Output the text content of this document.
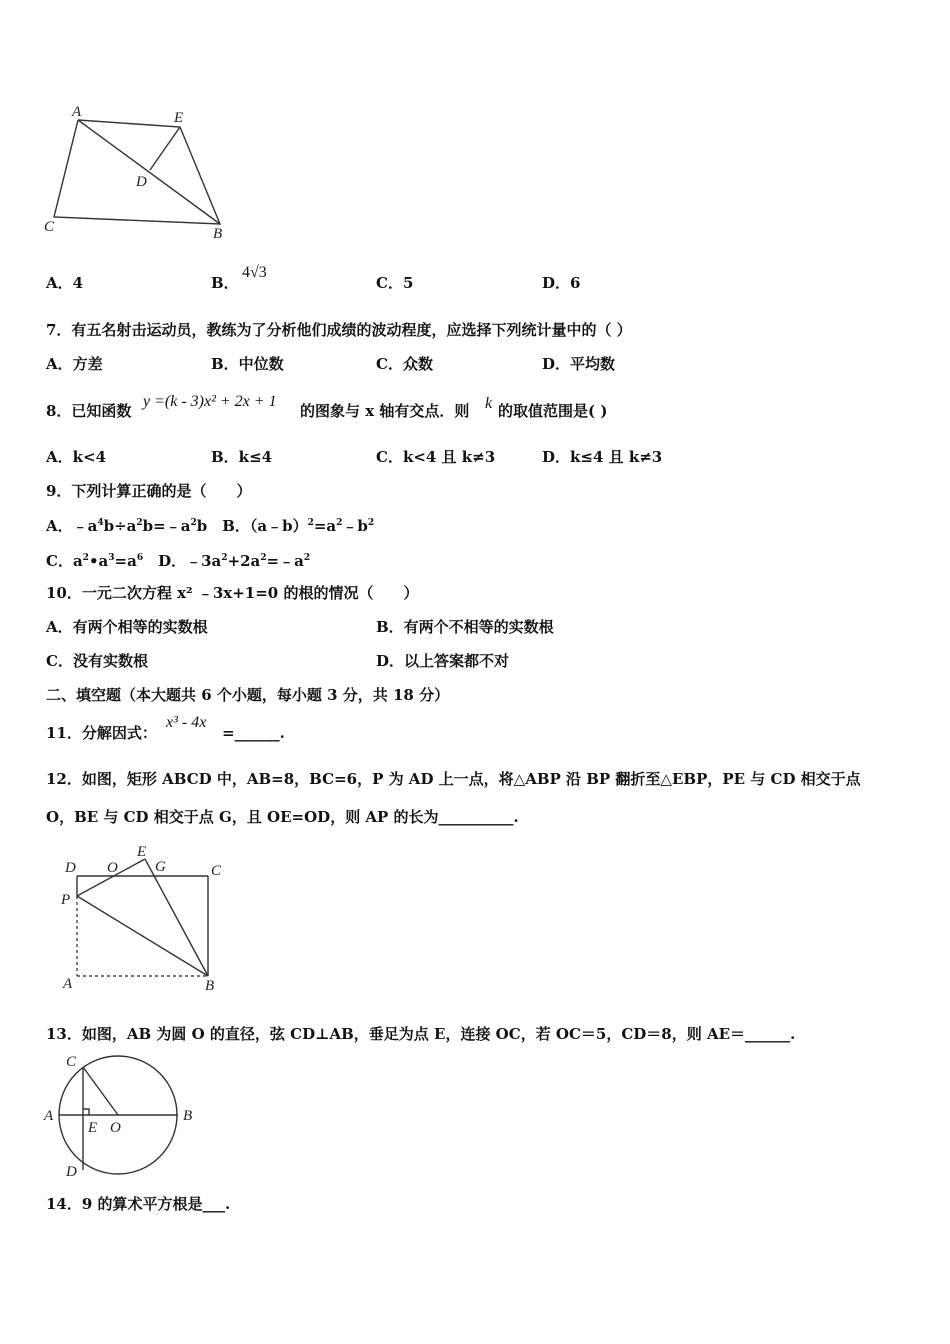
A	E
D
C	B
A．4	B．
4√3
C．5	D．6
7．有五名射击运动员，教练为了分析他们成绩的波动程度，应选择下列统计量中的（ ）
A．方差	B．中位数	C．众数	D．平均数
8．已知函数
y =(k - 3)x² + 2x + 1
的图象与 x 轴有交点．则 k 的取值范围是( )
A．k<4	B．k≤4	C．k<4 且 k≠3	D．k≤4 且 k≠3
9．下列计算正确的是（　　）
A．$﹣a^4b\div a^2b=﹣a^2b$　B．$(a﹣b)^2=a^2﹣b^2$
C．$a^2•a^3=a^6$　D．$﹣3a^2+2a^2=﹣a^2$
10．一元二次方程 x² ﹣3x+1=0 的根的情况（　　）
A．有两个相等的实数根	B．有两个不相等的实数根
C．没有实数根	D．以上答案都不对
二、填空题（本大题共 6 个小题，每小题 3 分，共 18 分）
11．分解因式：
x³ - 4x
=______.
12．如图，矩形 ABCD 中，AB=8，BC=6，P 为 AD 上一点，将△ABP 沿 BP 翻折至△EBP，PE 与 CD 相交于点
O，BE 与 CD 相交于点 G，且 OE=OD，则 AP 的长为__________.
D O
E
G	C
P
A	B
13．如图，AB 为圆 O 的直径，弦 CD⊥AB，垂足为点 E，连接 OC，若 OC＝5，CD＝8，则 AE＝______.
C
A
E O
B
D
14．9 的算术平方根是___.
